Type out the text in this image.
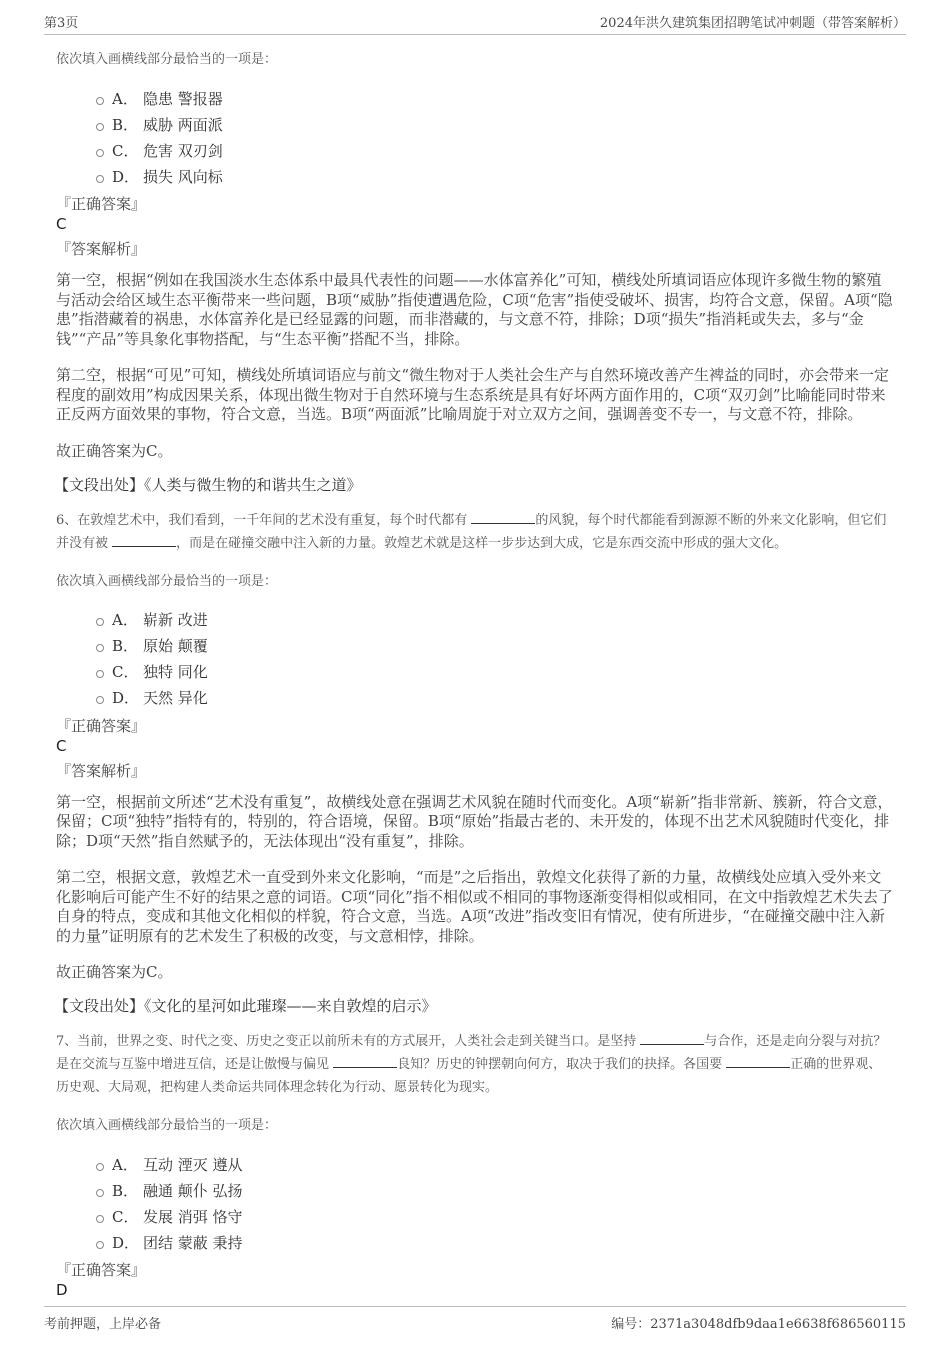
第3页	2024年洪久建筑集团招聘笔试冲刺题（带答案解析）

依次填入画横线部分最恰当的一项是：

A． 隐患 警报器
B． 威胁 两面派
C． 危害 双刃剑
D． 损失 风向标
『正确答案』
C
『答案解析』

第一空，根据“例如在我国淡水生态体系中最具代表性的问题——水体富养化”可知，横线处所填词语应体现许多微生物的繁殖与活动会给区域生态平衡带来一些问题，B项“威胁”指使遭遇危险，C项“危害”指使受破坏、损害，均符合文意，保留。A项“隐患”指潜藏着的祸患，水体富养化是已经显露的问题，而非潜藏的，与文意不符，排除；D项“损失”指消耗或失去，多与“金钱”“产品”等具象化事物搭配，与“生态平衡”搭配不当，排除。

第二空，根据“可见”可知，横线处所填词语应与前文“微生物对于人类社会生产与自然环境改善产生裨益的同时，亦会带来一定程度的副效用”构成因果关系，体现出微生物对于自然环境与生态系统是具有好坏两方面作用的，C项“双刃剑”比喻能同时带来正反两方面效果的事物，符合文意，当选。B项“两面派”比喻周旋于对立双方之间，强调善变不专一，与文意不符，排除。

故正确答案为C。

【文段出处】《人类与微生物的和谐共生之道》

6、在敦煌艺术中，我们看到，一千年间的艺术没有重复，每个时代都有	的风貌，每个时代都能看到源源不断的外来文化影响，但它们并没有被	，而是在碰撞交融中注入新的力量。敦煌艺术就是这样一步步达到大成，它是东西交流中形成的强大文化。

依次填入画横线部分最恰当的一项是：

A． 崭新 改进
B． 原始 颠覆
C． 独特 同化
D． 天然 异化
『正确答案』
C
『答案解析』

第一空，根据前文所述“艺术没有重复”，故横线处意在强调艺术风貌在随时代而变化。A项“崭新”指非常新、簇新，符合文意，保留；C项“独特”指特有的，特别的，符合语境，保留。B项“原始”指最古老的、未开发的，体现不出艺术风貌随时代变化，排除；D项“天然”指自然赋予的，无法体现出“没有重复”，排除。

第二空，根据文意，敦煌艺术一直受到外来文化影响，“而是”之后指出，敦煌文化获得了新的力量，故横线处应填入受外来文化影响后可能产生不好的结果之意的词语。C项“同化”指不相似或不相同的事物逐渐变得相似或相同，在文中指敦煌艺术失去了自身的特点，变成和其他文化相似的样貌，符合文意，当选。A项“改进”指改变旧有情况，使有所进步，“在碰撞交融中注入新的力量”证明原有的艺术发生了积极的改变，与文意相悖，排除。

故正确答案为C。

【文段出处】《文化的星河如此璀璨——来自敦煌的启示》

7、当前，世界之变、时代之变、历史之变正以前所未有的方式展开，人类社会走到关键当口。是坚持	与合作，还是走向分裂与对抗？是在交流与互鉴中增进互信，还是让傲慢与偏见	良知？历史的钟摆朝向何方，取决于我们的抉择。各国要	正确的世界观、历史观、大局观，把构建人类命运共同体理念转化为行动、愿景转化为现实。

依次填入画横线部分最恰当的一项是：

A． 互动 湮灭 遵从
B． 融通 颠仆 弘扬
C． 发展 消弭 恪守
D． 团结 蒙蔽 秉持
『正确答案』
D
考前押题，上岸必备	编号：2371a3048dfb9daa1e6638f686560115
